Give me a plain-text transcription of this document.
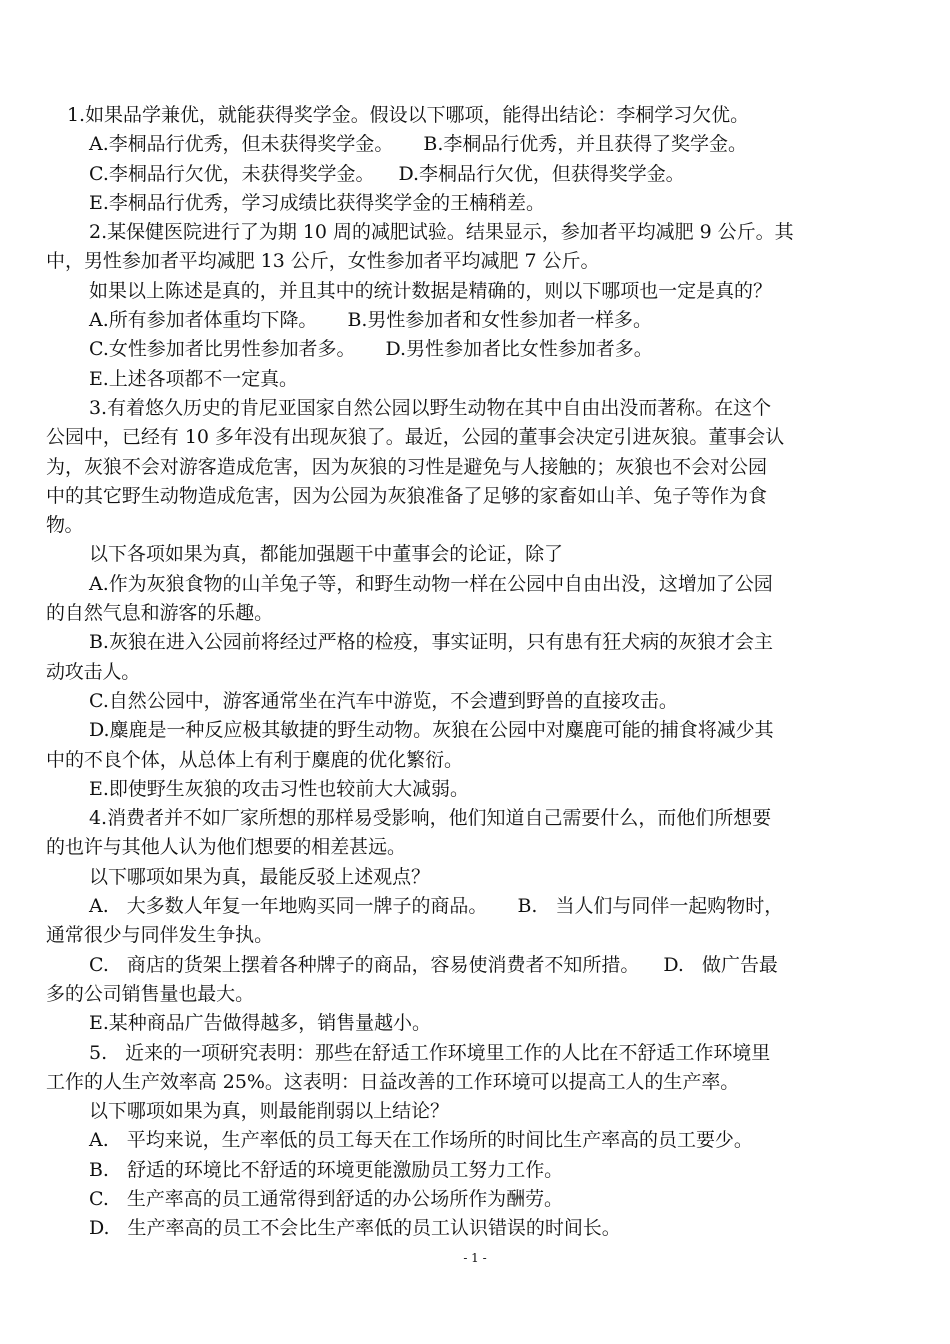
1.如果品学兼优，就能获得奖学金。假设以下哪项，能得出结论：李桐学习欠优。
A.李桐品行优秀，但未获得奖学金。     B.李桐品行优秀，并且获得了奖学金。
C.李桐品行欠优，未获得奖学金。    D.李桐品行欠优，但获得奖学金。
E.李桐品行优秀，学习成绩比获得奖学金的王楠稍差。
2.某保健医院进行了为期 10 周的减肥试验。结果显示，参加者平均减肥 9 公斤。其
中，男性参加者平均减肥 13 公斤，女性参加者平均减肥 7 公斤。
如果以上陈述是真的，并且其中的统计数据是精确的，则以下哪项也一定是真的？
A.所有参加者体重均下降。     B.男性参加者和女性参加者一样多。
C.女性参加者比男性参加者多。     D.男性参加者比女性参加者多。
E.上述各项都不一定真。
3.有着悠久历史的肯尼亚国家自然公园以野生动物在其中自由出没而著称。在这个
公园中，已经有 10 多年没有出现灰狼了。最近，公园的董事会决定引进灰狼。董事会认
为，灰狼不会对游客造成危害，因为灰狼的习性是避免与人接触的；灰狼也不会对公园
中的其它野生动物造成危害，因为公园为灰狼准备了足够的家畜如山羊、兔子等作为食
物。
以下各项如果为真，都能加强题干中董事会的论证，除了
A.作为灰狼食物的山羊兔子等，和野生动物一样在公园中自由出没，这增加了公园
的自然气息和游客的乐趣。
B.灰狼在进入公园前将经过严格的检疫，事实证明，只有患有狂犬病的灰狼才会主
动攻击人。
C.自然公园中，游客通常坐在汽车中游览，不会遭到野兽的直接攻击。
D.麋鹿是一种反应极其敏捷的野生动物。灰狼在公园中对麋鹿可能的捕食将减少其
中的不良个体，从总体上有利于麋鹿的优化繁衍。
E.即使野生灰狼的攻击习性也较前大大减弱。
4.消费者并不如厂家所想的那样易受影响，他们知道自己需要什么，而他们所想要
的也许与其他人认为他们想要的相差甚远。
以下哪项如果为真，最能反驳上述观点？
A.   大多数人年复一年地购买同一牌子的商品。     B.   当人们与同伴一起购物时，
通常很少与同伴发生争执。
C.   商店的货架上摆着各种牌子的商品，容易使消费者不知所措。    D.   做广告最
多的公司销售量也最大。
E.某种商品广告做得越多，销售量越小。
5.   近来的一项研究表明：那些在舒适工作环境里工作的人比在不舒适工作环境里
工作的人生产效率高 25%。这表明：日益改善的工作环境可以提高工人的生产率。
以下哪项如果为真，则最能削弱以上结论？
A.   平均来说，生产率低的员工每天在工作场所的时间比生产率高的员工要少。
B.   舒适的环境比不舒适的环境更能激励员工努力工作。
C.   生产率高的员工通常得到舒适的办公场所作为酬劳。
D.   生产率高的员工不会比生产率低的员工认识错误的时间长。
- 1 -
